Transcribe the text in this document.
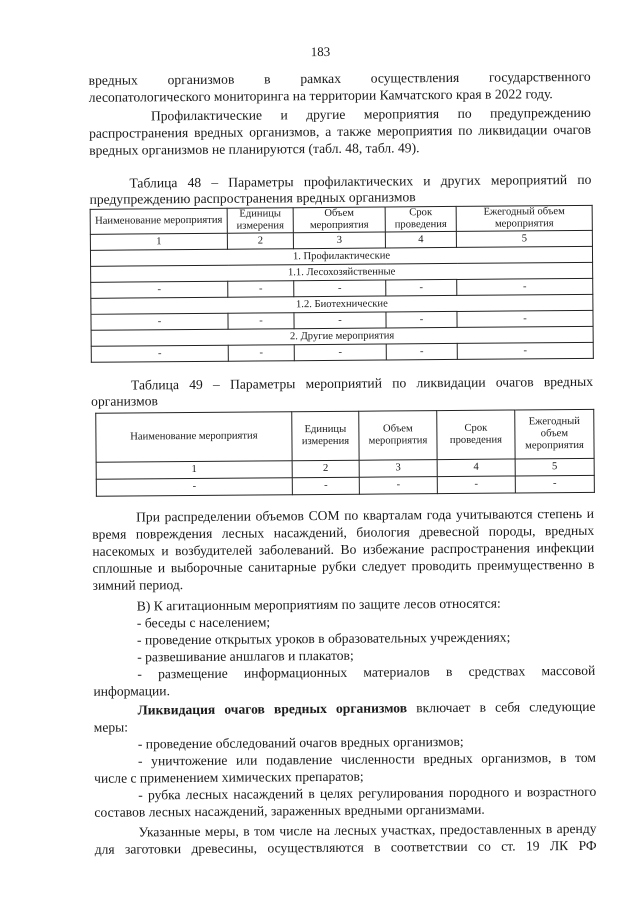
183
вредных организмов в рамках осуществления государственного
лесопатологического мониторинга на территории Камчатского края в 2022 году.
Профилактические и другие мероприятия по предупреждению
распространения вредных организмов, а также мероприятия по ликвидации очагов
вредных организмов не планируются (табл. 48, табл. 49).
Таблица 48 – Параметры профилактических и других мероприятий по
предупреждению распространения вредных организмов
Наименование мероприятия	Единицы измерения	Объем мероприятия	Срок проведения	Ежегодный объем мероприятия
1	2	3	4	5
1. Профилактические				
1.1. Лесохозяйственные				
-	-	-	-	-
1.2. Биотехнические				
-	-	-	-	-
2. Другие мероприятия				
-	-	-	-	-
Таблица 49 – Параметры мероприятий по ликвидации очагов вредных
организмов
Наименование мероприятия	Единицы измерения	Объем мероприятия	Срок проведения	Ежегодный объем мероприятия
1	2	3	4	5
-	-	-	-	-
При распределении объемов СОМ по кварталам года учитываются степень и
время повреждения лесных насаждений, биология древесной породы, вредных
насекомых и возбудителей заболеваний. Во избежание распространения инфекции
сплошные и выборочные санитарные рубки следует проводить преимущественно в
зимний период.
В) К агитационным мероприятиям по защите лесов относятся:
- беседы с населением;
- проведение открытых уроков в образовательных учреждениях;
- развешивание аншлагов и плакатов;
- размещение информационных материалов в средствах массовой
информации.
Ликвидация очагов вредных организмов включает в себя следующие
меры:
- проведение обследований очагов вредных организмов;
- уничтожение или подавление численности вредных организмов, в том
числе с применением химических препаратов;
- рубка лесных насаждений в целях регулирования породного и возрастного
составов лесных насаждений, зараженных вредными организмами.
Указанные меры, в том числе на лесных участках, предоставленных в аренду
для заготовки древесины, осуществляются в соответствии со ст. 19 ЛК РФ
